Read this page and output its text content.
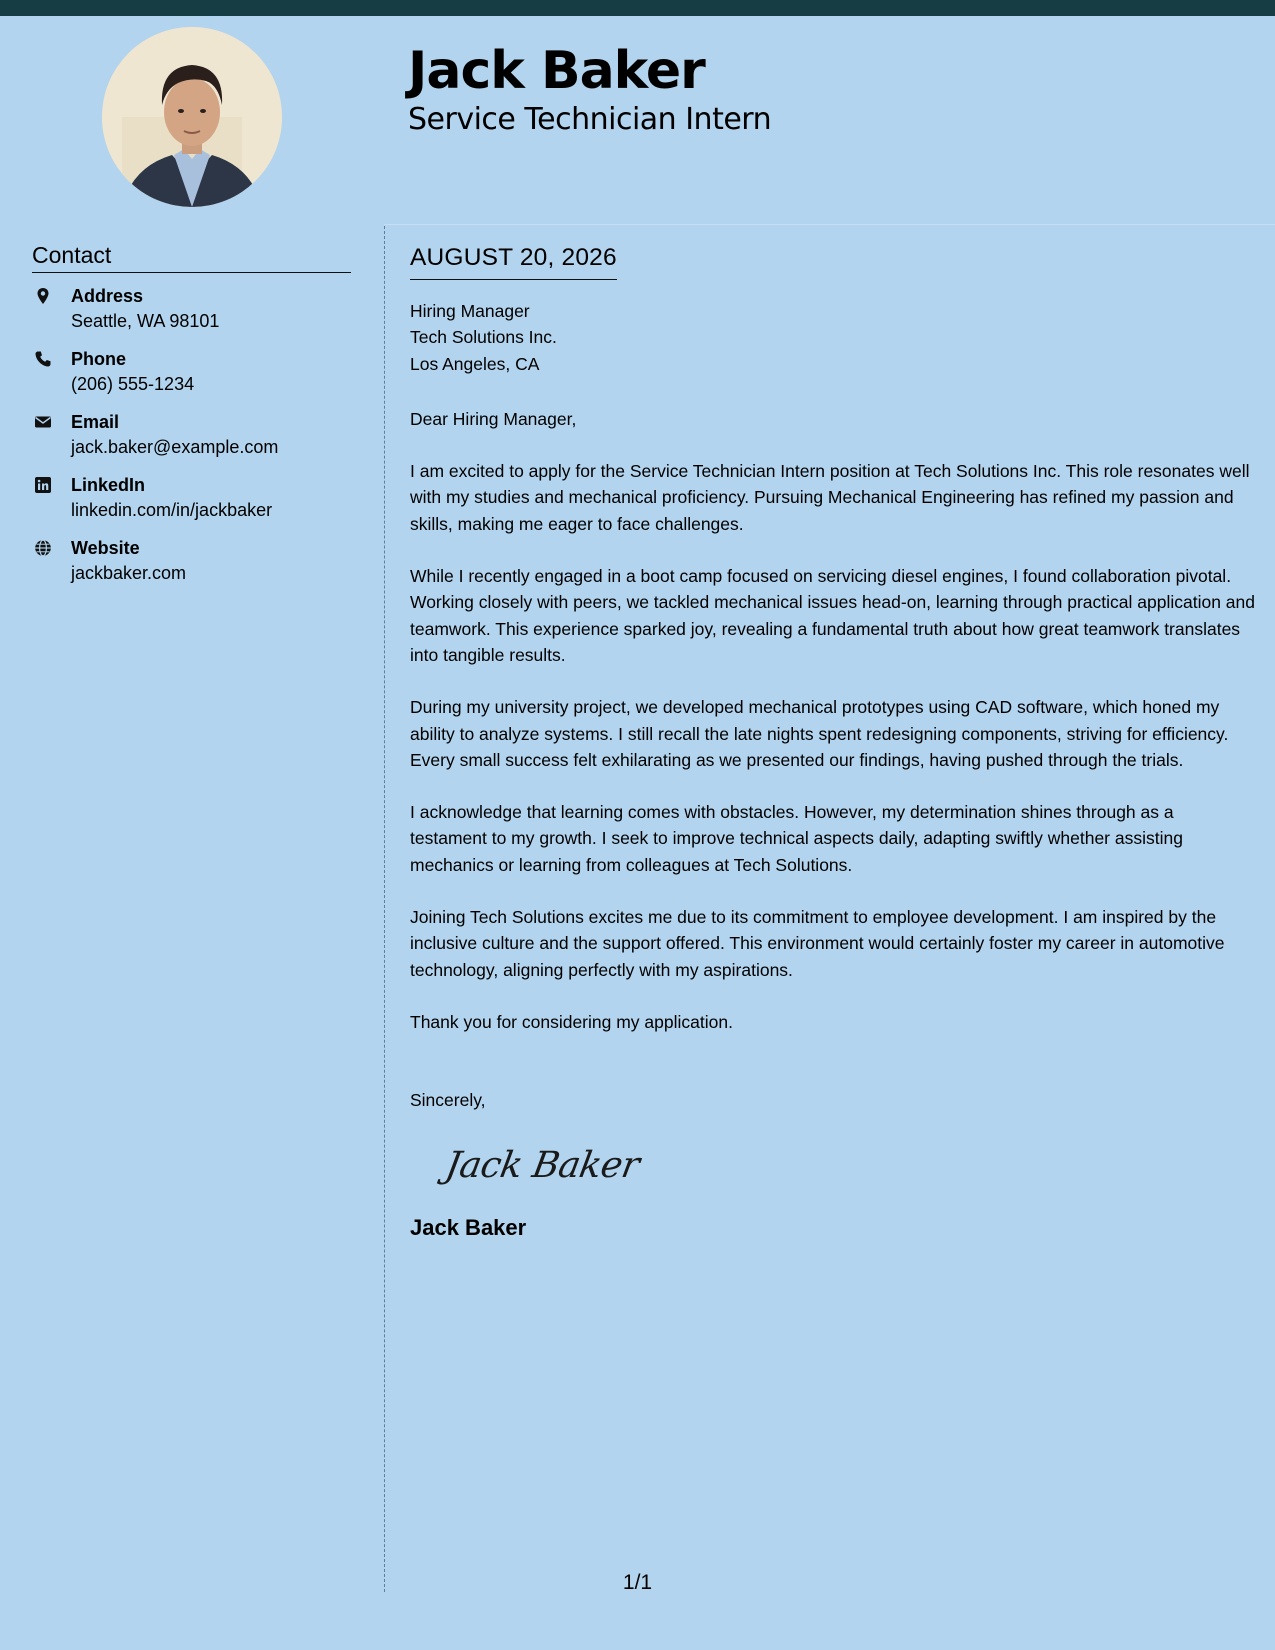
Jack Baker
Service Technician Intern
Contact
Address
Seattle, WA 98101
Phone
(206) 555-1234
Email
jack.baker@example.com
LinkedIn
linkedin.com/in/jackbaker
Website
jackbaker.com
AUGUST 20, 2026
Hiring Manager
Tech Solutions Inc.
Los Angeles, CA
Dear Hiring Manager,
I am excited to apply for the Service Technician Intern position at Tech Solutions Inc. This role resonates well with my studies and mechanical proficiency. Pursuing Mechanical Engineering has refined my passion and skills, making me eager to face challenges.
While I recently engaged in a boot camp focused on servicing diesel engines, I found collaboration pivotal. Working closely with peers, we tackled mechanical issues head-on, learning through practical application and teamwork. This experience sparked joy, revealing a fundamental truth about how great teamwork translates into tangible results.
During my university project, we developed mechanical prototypes using CAD software, which honed my ability to analyze systems. I still recall the late nights spent redesigning components, striving for efficiency. Every small success felt exhilarating as we presented our findings, having pushed through the trials.
I acknowledge that learning comes with obstacles. However, my determination shines through as a testament to my growth. I seek to improve technical aspects daily, adapting swiftly whether assisting mechanics or learning from colleagues at Tech Solutions.
Joining Tech Solutions excites me due to its commitment to employee development. I am inspired by the inclusive culture and the support offered. This environment would certainly foster my career in automotive technology, aligning perfectly with my aspirations.
Thank you for considering my application.
Sincerely,
Jack Baker
Jack Baker
1/1
